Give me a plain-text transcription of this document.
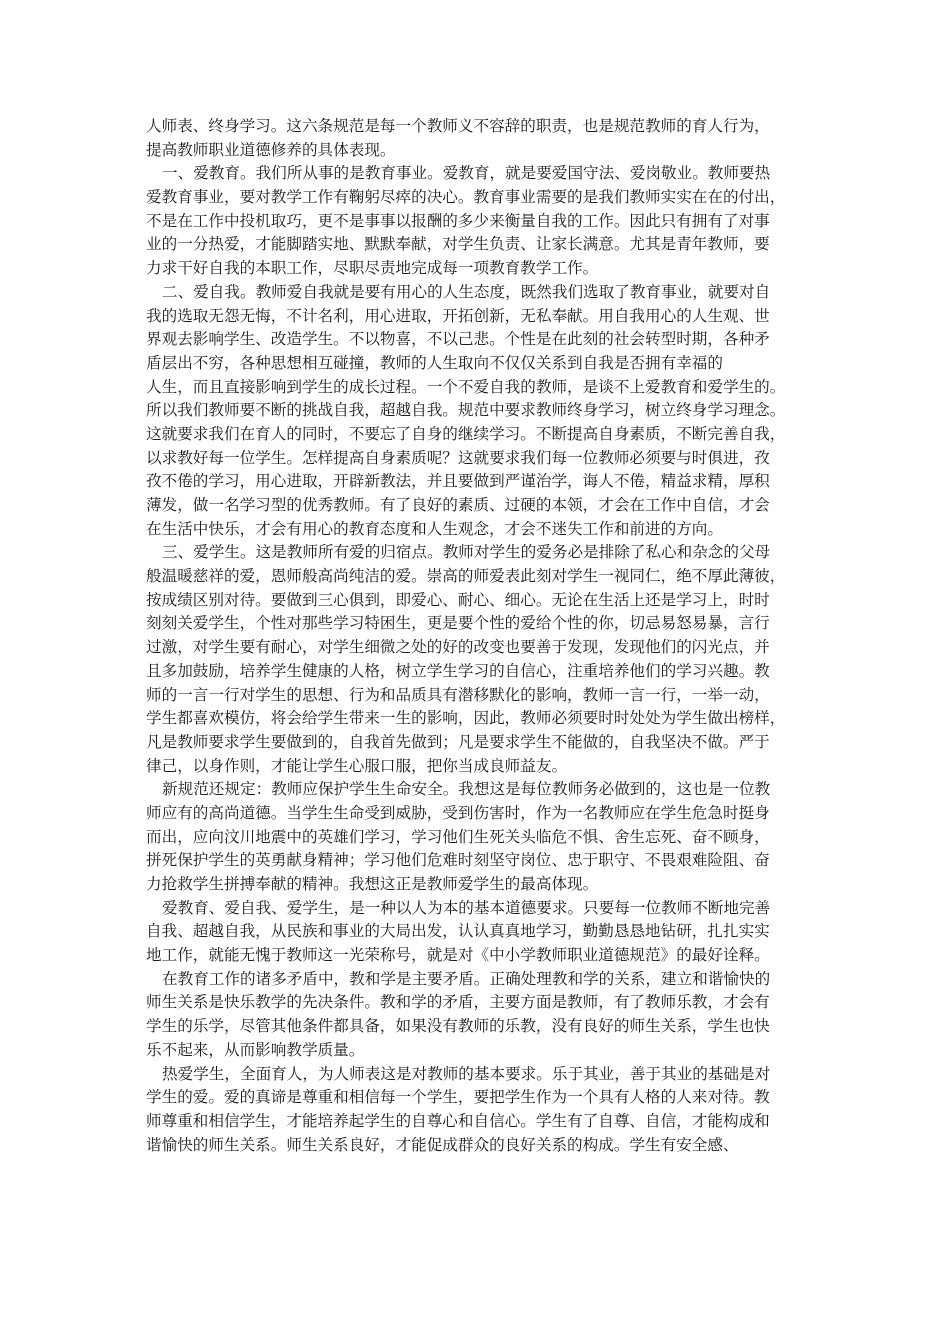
人师表、终身学习。这六条规范是每一个教师义不容辞的职责，也是规范教师的育人行为，
提高教师职业道德修养的具体表现。
一、爱教育。我们所从事的是教育事业。爱教育，就是要爱国守法、爱岗敬业。教师要热
爱教育事业，要对教学工作有鞠躬尽瘁的决心。教育事业需要的是我们教师实实在在的付出，
不是在工作中投机取巧，更不是事事以报酬的多少来衡量自我的工作。因此只有拥有了对事
业的一分热爱，才能脚踏实地、默默奉献，对学生负责、让家长满意。尤其是青年教师，要
力求干好自我的本职工作，尽职尽责地完成每一项教育教学工作。
二、爱自我。教师爱自我就是要有用心的人生态度，既然我们选取了教育事业，就要对自
我的选取无怨无悔，不计名利，用心进取，开拓创新，无私奉献。用自我用心的人生观、世
界观去影响学生、改造学生。不以物喜，不以己悲。个性是在此刻的社会转型时期，各种矛
盾层出不穷，各种思想相互碰撞，教师的人生取向不仅仅关系到自我是否拥有幸福的
人生，而且直接影响到学生的成长过程。一个不爱自我的教师，是谈不上爱教育和爱学生的。
所以我们教师要不断的挑战自我，超越自我。规范中要求教师终身学习，树立终身学习理念。
这就要求我们在育人的同时，不要忘了自身的继续学习。不断提高自身素质，不断完善自我，
以求教好每一位学生。怎样提高自身素质呢？这就要求我们每一位教师必须要与时俱进，孜
孜不倦的学习，用心进取，开辟新教法，并且要做到严谨治学，诲人不倦，精益求精，厚积
薄发，做一名学习型的优秀教师。有了良好的素质、过硬的本领，才会在工作中自信，才会
在生活中快乐，才会有用心的教育态度和人生观念，才会不迷失工作和前进的方向。
三、爱学生。这是教师所有爱的归宿点。教师对学生的爱务必是排除了私心和杂念的父母
般温暖慈祥的爱，恩师般高尚纯洁的爱。崇高的师爱表此刻对学生一视同仁，绝不厚此薄彼，
按成绩区别对待。要做到三心俱到，即爱心、耐心、细心。无论在生活上还是学习上，时时
刻刻关爱学生，个性对那些学习特困生，更是要个性的爱给个性的你，切忌易怒易暴，言行
过激，对学生要有耐心，对学生细微之处的好的改变也要善于发现，发现他们的闪光点，并
且多加鼓励，培养学生健康的人格，树立学生学习的自信心，注重培养他们的学习兴趣。教
师的一言一行对学生的思想、行为和品质具有潜移默化的影响，教师一言一行，一举一动，
学生都喜欢模仿，将会给学生带来一生的影响，因此，教师必须要时时处处为学生做出榜样，
凡是教师要求学生要做到的，自我首先做到；凡是要求学生不能做的，自我坚决不做。严于
律己，以身作则，才能让学生心服口服，把你当成良师益友。
新规范还规定：教师应保护学生生命安全。我想这是每位教师务必做到的，这也是一位教
师应有的高尚道德。当学生生命受到威胁，受到伤害时，作为一名教师应在学生危急时挺身
而出，应向汶川地震中的英雄们学习，学习他们生死关头临危不惧、舍生忘死、奋不顾身，
拼死保护学生的英勇献身精神；学习他们危难时刻坚守岗位、忠于职守、不畏艰难险阻、奋
力抢救学生拼搏奉献的精神。我想这正是教师爱学生的最高体现。
爱教育、爱自我、爱学生，是一种以人为本的基本道德要求。只要每一位教师不断地完善
自我、超越自我，从民族和事业的大局出发，认认真真地学习，勤勤恳恳地钻研，扎扎实实
地工作，就能无愧于教师这一光荣称号，就是对《中小学教师职业道德规范》的最好诠释。
在教育工作的诸多矛盾中，教和学是主要矛盾。正确处理教和学的关系，建立和谐愉快的
师生关系是快乐教学的先决条件。教和学的矛盾，主要方面是教师，有了教师乐教，才会有
学生的乐学，尽管其他条件都具备，如果没有教师的乐教，没有良好的师生关系，学生也快
乐不起来，从而影响教学质量。
热爱学生，全面育人，为人师表这是对教师的基本要求。乐于其业，善于其业的基础是对
学生的爱。爱的真谛是尊重和相信每一个学生，要把学生作为一个具有人格的人来对待。教
师尊重和相信学生，才能培养起学生的自尊心和自信心。学生有了自尊、自信，才能构成和
谐愉快的师生关系。师生关系良好，才能促成群众的良好关系的构成。学生有安全感、
